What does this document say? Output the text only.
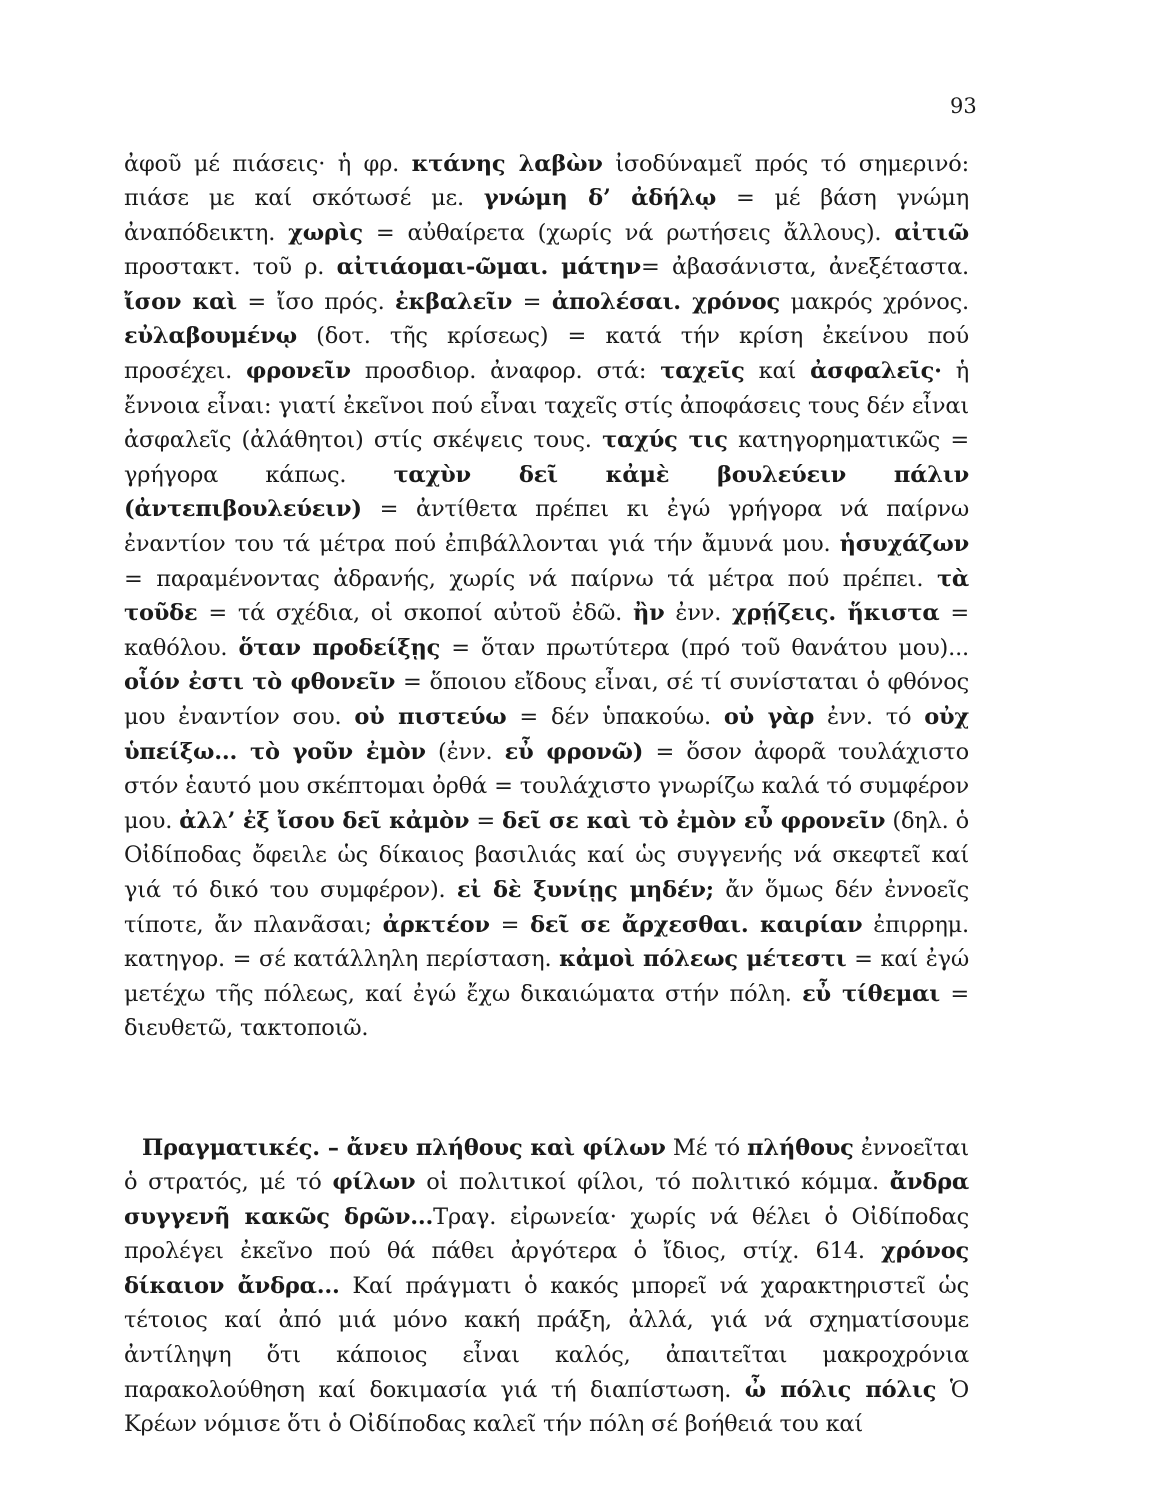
93

ἀφοῦ μέ πιάσεις· ἡ φρ. κτάνης λαβὼν ἰσοδύναμεῖ πρός τό σημερινό: πιάσε με καί σκότωσέ με. γνώμη δ’ ἀδήλῳ = μέ βάση γνώμη ἀναπόδεικτη. χωρὶς = αὐθαίρετα (χωρίς νά ρωτήσεις ἄλλους). αἰτιῶ προστακτ. τοῦ ρ. αἰτιάομαι-ῶμαι. μάτην= ἀβασάνιστα, ἀνεξέταστα. ἴσον καὶ = ἴσο πρός. ἐκβαλεῖν = ἀπολέσαι. χρόνος μακρός χρόνος. εὐλαβουμένῳ (δοτ. τῆς κρίσεως) = κατά τήν κρίση ἐκείνου πού προσέχει. φρονεῖν προσδιορ. ἀναφορ. στά: ταχεῖς καί ἀσφαλεῖς· ἡ ἔννοια εἶναι: γιατί ἐκεῖνοι πού εἶναι ταχεῖς στίς ἀποφάσεις τους δέν εἶναι ἀσφαλεῖς (ἀλάθητοι) στίς σκέψεις τους. ταχύς τις κατηγορηματικῶς = γρήγορα κάπως. ταχὺν δεῖ κἀμὲ βουλεύειν πάλιν (ἀντεπιβουλεύειν) = ἀντίθετα πρέπει κι ἐγώ γρήγορα νά παίρνω ἐναντίον του τά μέτρα πού ἐπιβάλλονται γιά τήν ἄμυνά μου. ἡσυχάζων = παραμένοντας ἀδρανής, χωρίς νά παίρνω τά μέτρα πού πρέπει. τὰ τοῦδε = τά σχέδια, οἱ σκοποί αὐτοῦ ἐδῶ. ἢν ἐνν. χρῄζεις. ἥκιστα = καθόλου. ὅταν προδείξῃς = ὅταν πρωτύτερα (πρό τοῦ θανάτου μου)... οἷόν ἐστι τὸ φθονεῖν = ὅποιου εἴδους εἶναι, σέ τί συνίσταται ὁ φθόνος μου ἐναντίον σου. οὐ πιστεύω = δέν ὑπακούω. οὐ γὰρ ἐνν. τό οὐχ ὑπείξω... τὸ γοῦν ἐμὸν (ἐνν. εὖ φρονῶ) = ὅσον ἀφορᾶ τουλάχιστο στόν ἑαυτό μου σκέπτομαι ὀρθά = τουλάχιστο γνωρίζω καλά τό συμφέρον μου. ἀλλ’ ἐξ ἴσου δεῖ κἀμὸν = δεῖ σε καὶ τὸ ἐμὸν εὖ φρονεῖν (δηλ. ὁ Οἰδίποδας ὄφειλε ὡς δίκαιος βασιλιάς καί ὡς συγγενής νά σκεφτεῖ καί γιά τό δικό του συμφέρον). εἰ δὲ ξυνίῃς μηδέν; ἄν ὅμως δέν ἐννοεῖς τίποτε, ἄν πλανᾶσαι; ἀρκτέον = δεῖ σε ἄρχεσθαι. καιρίαν ἐπιρρημ. κατηγορ. = σέ κατάλληλη περίσταση. κἀμοὶ πόλεως μέτεστι = καί ἐγώ μετέχω τῆς πόλεως, καί ἐγώ ἔχω δικαιώματα στήν πόλη. εὖ τίθεμαι = διευθετῶ, τακτοποιῶ.

Πραγματικές. – ἄνευ πλήθους καὶ φίλων Μέ τό πλήθους ἐννοεῖται ὁ στρατός, μέ τό φίλων οἱ πολιτικοί φίλοι, τό πολιτικό κόμμα. ἄνδρα συγγενῆ κακῶς δρῶν...Τραγ. εἰρωνεία· χωρίς νά θέλει ὁ Οἰδίποδας προλέγει ἐκεῖνο πού θά πάθει ἀργότερα ὁ ἴδιος, στίχ. 614. χρόνος δίκαιον ἄνδρα... Καί πράγματι ὁ κακός μπορεῖ νά χαρακτηριστεῖ ὡς τέτοιος καί ἀπό μιά μόνο κακή πράξη, ἀλλά, γιά νά σχηματίσουμε ἀντίληψη ὅτι κάποιος εἶναι καλός, ἀπαιτεῖται μακροχρόνια παρακολούθηση καί δοκιμασία γιά τή διαπίστωση. ὦ πόλις πόλις Ὁ Κρέων νόμισε ὅτι ὁ Οἰδίποδας καλεῖ τήν πόλη σέ βοήθειά του καί
